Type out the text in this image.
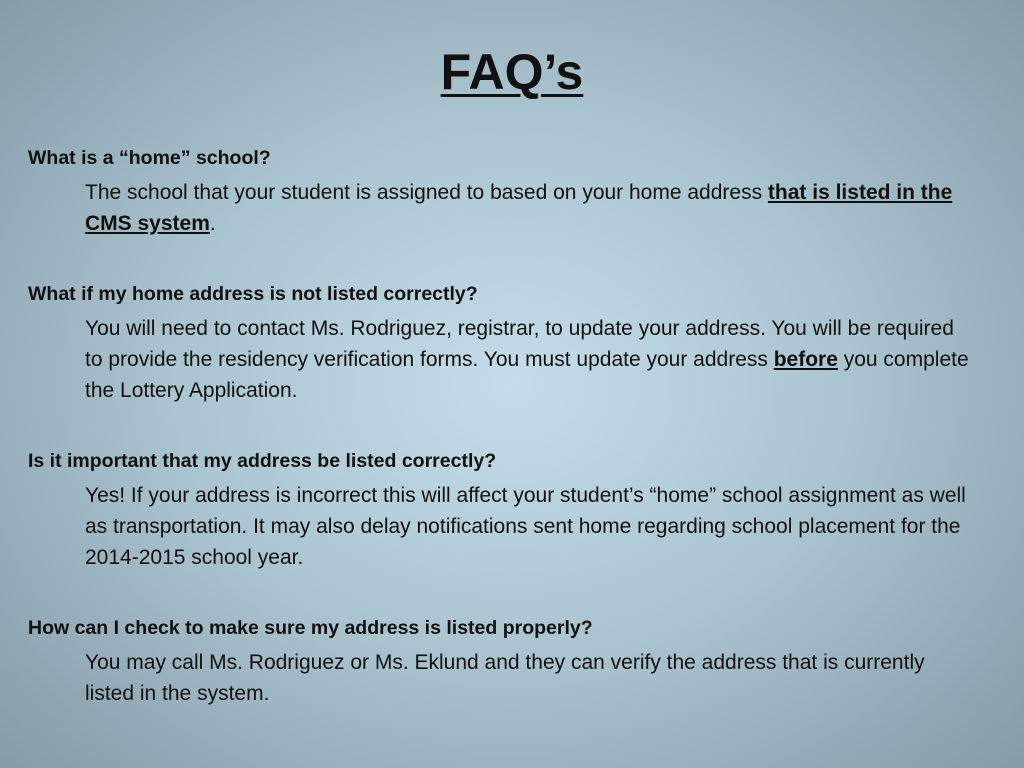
FAQ’s

What is a “home” school?

The school that your student is assigned to based on your home address that is listed in the CMS system.

What if my home address is not listed correctly?

You will need to contact Ms. Rodriguez, registrar, to update your address. You will be required to provide the residency verification forms. You must update your address before you complete the Lottery Application.

Is it important that my address be listed correctly?

Yes! If your address is incorrect this will affect your student’s “home” school assignment as well as transportation. It may also delay notifications sent home regarding school placement for the 2014-2015 school year.

How can I check to make sure my address is listed properly?

You may call Ms. Rodriguez or Ms. Eklund and they can verify the address that is currently listed in the system.
